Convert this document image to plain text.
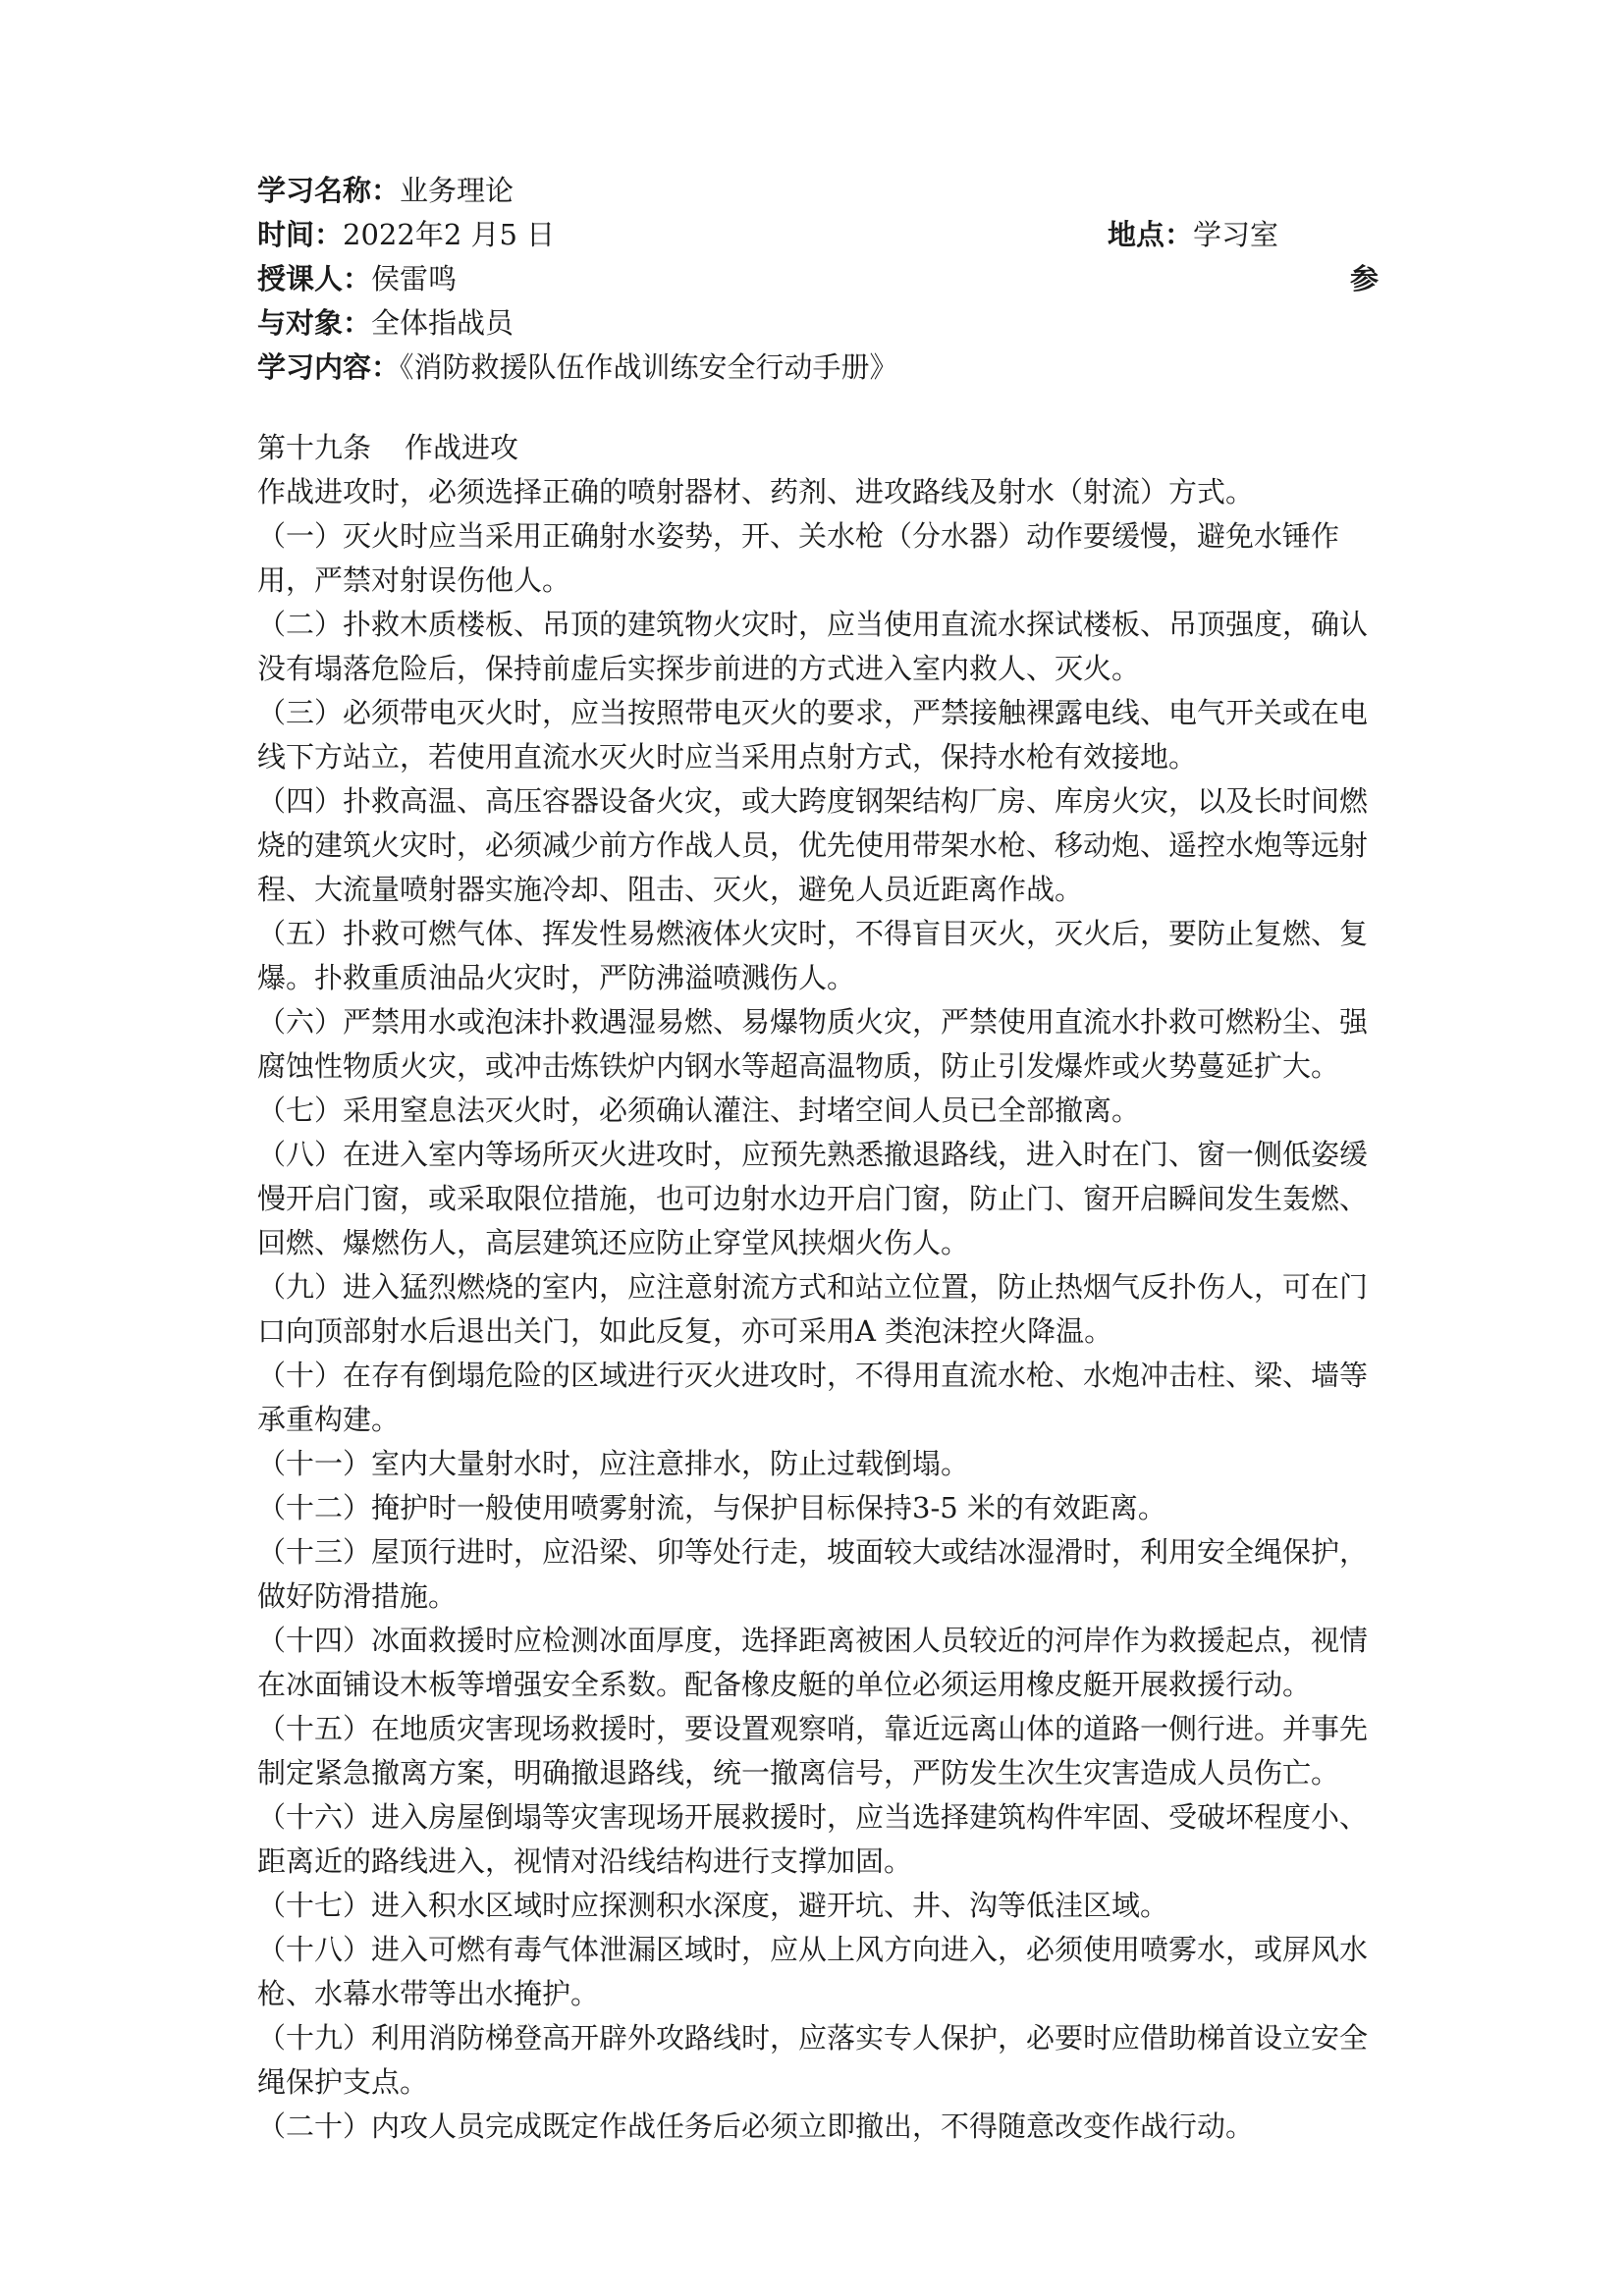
学习名称：业务理论
时间：2022年2 月5 日	地点：学习室
授课人：侯雷鸣	参
与对象：全体指战员
学习内容：《消防救援队伍作战训练安全行动手册》
第十九条 作战进攻

作战进攻时，必须选择正确的喷射器材、药剂、进攻路线及射水（射流）方式。

（一）灭火时应当采用正确射水姿势，开、关水枪（分水器）动作要缓慢，避免水锤作用，严禁对射误伤他人。

（二）扑救木质楼板、吊顶的建筑物火灾时，应当使用直流水探试楼板、吊顶强度，确认没有塌落危险后，保持前虚后实探步前进的方式进入室内救人、灭火。

（三）必须带电灭火时，应当按照带电灭火的要求，严禁接触裸露电线、电气开关或在电线下方站立，若使用直流水灭火时应当采用点射方式，保持水枪有效接地。

（四）扑救高温、高压容器设备火灾，或大跨度钢架结构厂房、库房火灾，以及长时间燃烧的建筑火灾时，必须减少前方作战人员，优先使用带架水枪、移动炮、遥控水炮等远射程、大流量喷射器实施冷却、阻击、灭火，避免人员近距离作战。

（五）扑救可燃气体、挥发性易燃液体火灾时，不得盲目灭火，灭火后，要防止复燃、复爆。扑救重质油品火灾时，严防沸溢喷溅伤人。

（六）严禁用水或泡沫扑救遇湿易燃、易爆物质火灾，严禁使用直流水扑救可燃粉尘、强腐蚀性物质火灾，或冲击炼铁炉内钢水等超高温物质，防止引发爆炸或火势蔓延扩大。

（七）采用窒息法灭火时，必须确认灌注、封堵空间人员已全部撤离。

（八）在进入室内等场所灭火进攻时，应预先熟悉撤退路线，进入时在门、窗一侧低姿缓慢开启门窗，或采取限位措施，也可边射水边开启门窗，防止门、窗开启瞬间发生轰燃、回燃、爆燃伤人，高层建筑还应防止穿堂风挟烟火伤人。

（九）进入猛烈燃烧的室内，应注意射流方式和站立位置，防止热烟气反扑伤人，可在门口向顶部射水后退出关门，如此反复，亦可采用A 类泡沫控火降温。

（十）在存有倒塌危险的区域进行灭火进攻时，不得用直流水枪、水炮冲击柱、梁、墙等承重构建。

（十一）室内大量射水时，应注意排水，防止过载倒塌。

（十二）掩护时一般使用喷雾射流，与保护目标保持3-5 米的有效距离。

（十三）屋顶行进时，应沿梁、卯等处行走，坡面较大或结冰湿滑时，利用安全绳保护，做好防滑措施。

（十四）冰面救援时应检测冰面厚度，选择距离被困人员较近的河岸作为救援起点，视情在冰面铺设木板等增强安全系数。配备橡皮艇的单位必须运用橡皮艇开展救援行动。

（十五）在地质灾害现场救援时，要设置观察哨，靠近远离山体的道路一侧行进。并事先制定紧急撤离方案，明确撤退路线，统一撤离信号，严防发生次生灾害造成人员伤亡。

（十六）进入房屋倒塌等灾害现场开展救援时，应当选择建筑构件牢固、受破坏程度小、距离近的路线进入，视情对沿线结构进行支撑加固。

（十七）进入积水区域时应探测积水深度，避开坑、井、沟等低洼区域。

（十八）进入可燃有毒气体泄漏区域时，应从上风方向进入，必须使用喷雾水，或屏风水枪、水幕水带等出水掩护。

（十九）利用消防梯登高开辟外攻路线时，应落实专人保护，必要时应借助梯首设立安全绳保护支点。

（二十）内攻人员完成既定作战任务后必须立即撤出，不得随意改变作战行动。
